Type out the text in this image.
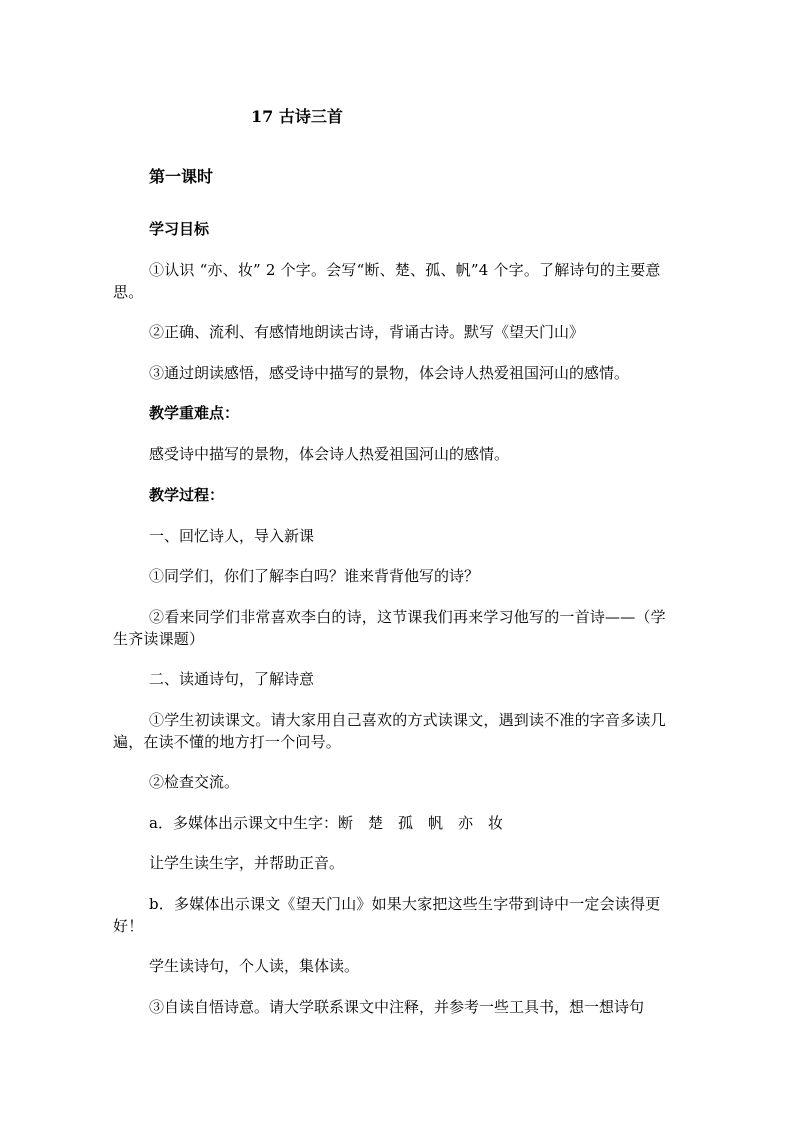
17 古诗三首
第一课时
学习目标
①认识 “亦、妆” 2 个字。会写“断、楚、孤、帆”4 个字。了解诗句的主要意思。
②正确、流利、有感情地朗读古诗，背诵古诗。默写《望天门山》
③通过朗读感悟，感受诗中描写的景物，体会诗人热爱祖国河山的感情。
教学重难点：
感受诗中描写的景物，体会诗人热爱祖国河山的感情。
教学过程：
一、回忆诗人，导入新课
①同学们，你们了解李白吗？谁来背背他写的诗？
②看来同学们非常喜欢李白的诗，这节课我们再来学习他写的一首诗——（学生齐读课题）
二、读通诗句，了解诗意
①学生初读课文。请大家用自己喜欢的方式读课文，遇到读不准的字音多读几遍，在读不懂的地方打一个问号。
②检查交流。
a．多媒体出示课文中生字：断　楚　孤　帆　亦　妆
让学生读生字，并帮助正音。
b．多媒体出示课文《望天门山》如果大家把这些生字带到诗中一定会读得更好！
学生读诗句，个人读，集体读。
③自读自悟诗意。请大学联系课文中注释，并参考一些工具书，想一想诗句
